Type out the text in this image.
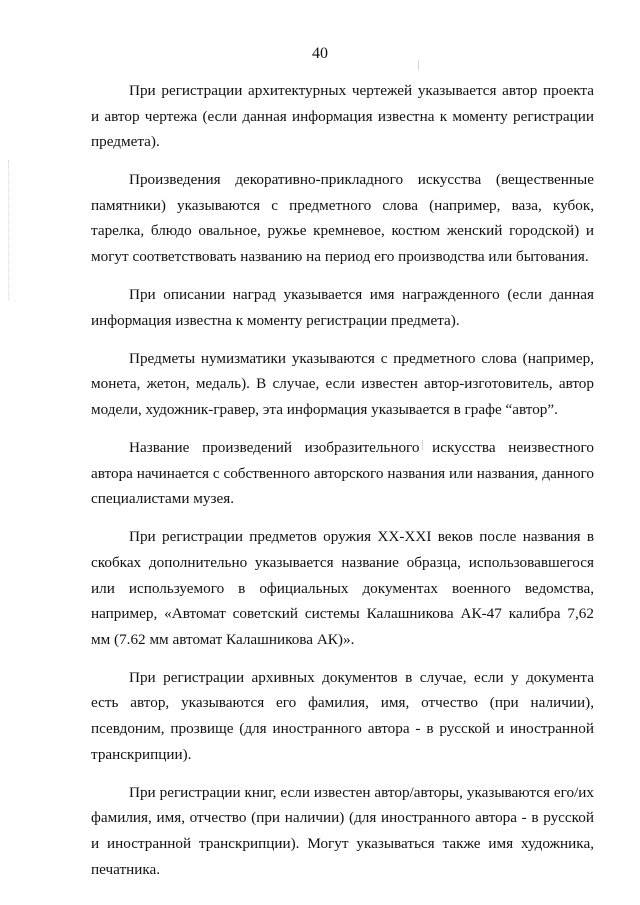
40

При регистрации архитектурных чертежей указывается автор проекта и автор чертежа (если данная информация известна к моменту регистрации предмета).

Произведения декоративно-прикладного искусства (вещественные памятники) указываются с предметного слова (например, ваза, кубок, тарелка, блюдо овальное, ружье кремневое, костюм женский городской) и могут соответствовать названию на период его производства или бытования.

При описании наград указывается имя награжденного (если данная информация известна к моменту регистрации предмета).

Предметы нумизматики указываются с предметного слова (например, монета, жетон, медаль). В случае, если известен автор-изготовитель, автор модели, художник-гравер, эта информация указывается в графе “автор”.

Название произведений изобразительного искусства неизвестного автора начинается с собственного авторского названия или названия, данного специалистами музея.

При регистрации предметов оружия XX-XXI веков после названия в скобках дополнительно указывается название образца, использовавшегося или используемого в официальных документах военного ведомства, например, «Автомат советский системы Калашникова АК-47 калибра 7,62 мм (7.62 мм автомат Калашникова АК)».

При регистрации архивных документов в случае, если у документа есть автор, указываются его фамилия, имя, отчество (при наличии), псевдоним, прозвище (для иностранного автора - в русской и иностранной транскрипции).

При регистрации книг, если известен автор/авторы, указываются его/их фамилия, имя, отчество (при наличии) (для иностранного автора - в русской и иностранной транскрипции). Могут указываться также имя художника, печатника.
